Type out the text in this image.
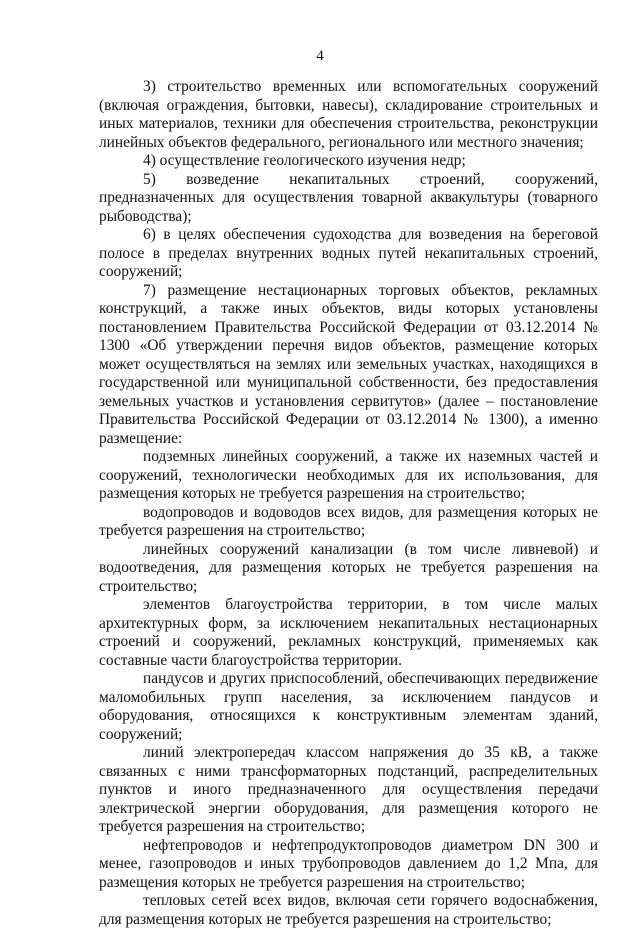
4

3) строительство временных или вспомогательных сооружений (включая ограждения, бытовки, навесы), складирование строительных и иных материалов, техники для обеспечения строительства, реконструкции линейных объектов федерального, регионального или местного значения;

4) осуществление геологического изучения недр;

5) возведение некапитальных строений, сооружений, предназначенных для осуществления товарной аквакультуры (товарного рыбоводства);

6) в целях обеспечения судоходства для возведения на береговой полосе в пределах внутренних водных путей некапитальных строений, сооружений;

7) размещение нестационарных торговых объектов, рекламных конструкций, а также иных объектов, виды которых установлены постановлением Правительства Российской Федерации от 03.12.2014 № 1300 «Об утверждении перечня видов объектов, размещение которых может осуществляться на землях или земельных участках, находящихся в государственной или муниципальной собственности, без предоставления земельных участков и установления сервитутов» (далее – постановление Правительства Российской Федерации от 03.12.2014 № 1300), а именно размещение:

подземных линейных сооружений, а также их наземных частей и сооружений, технологически необходимых для их использования, для размещения которых не требуется разрешения на строительство;

водопроводов и водоводов всех видов, для размещения которых не требуется разрешения на строительство;

линейных сооружений канализации (в том числе ливневой) и водоотведения, для размещения которых не требуется разрешения на строительство;

элементов благоустройства территории, в том числе малых архитектурных форм, за исключением некапитальных нестационарных строений и сооружений, рекламных конструкций, применяемых как составные части благоустройства территории.

пандусов и других приспособлений, обеспечивающих передвижение маломобильных групп населения, за исключением пандусов и оборудования, относящихся к конструктивным элементам зданий, сооружений;

линий электропередач классом напряжения до 35 кВ, а также связанных с ними трансформаторных подстанций, распределительных пунктов и иного предназначенного для осуществления передачи электрической энергии оборудования, для размещения которого не требуется разрешения на строительство;

нефтепроводов и нефтепродуктопроводов диаметром DN 300 и менее, газопроводов и иных трубопроводов давлением до 1,2 Мпа, для размещения которых не требуется разрешения на строительство;

тепловых сетей всех видов, включая сети горячего водоснабжения, для размещения которых не требуется разрешения на строительство;
